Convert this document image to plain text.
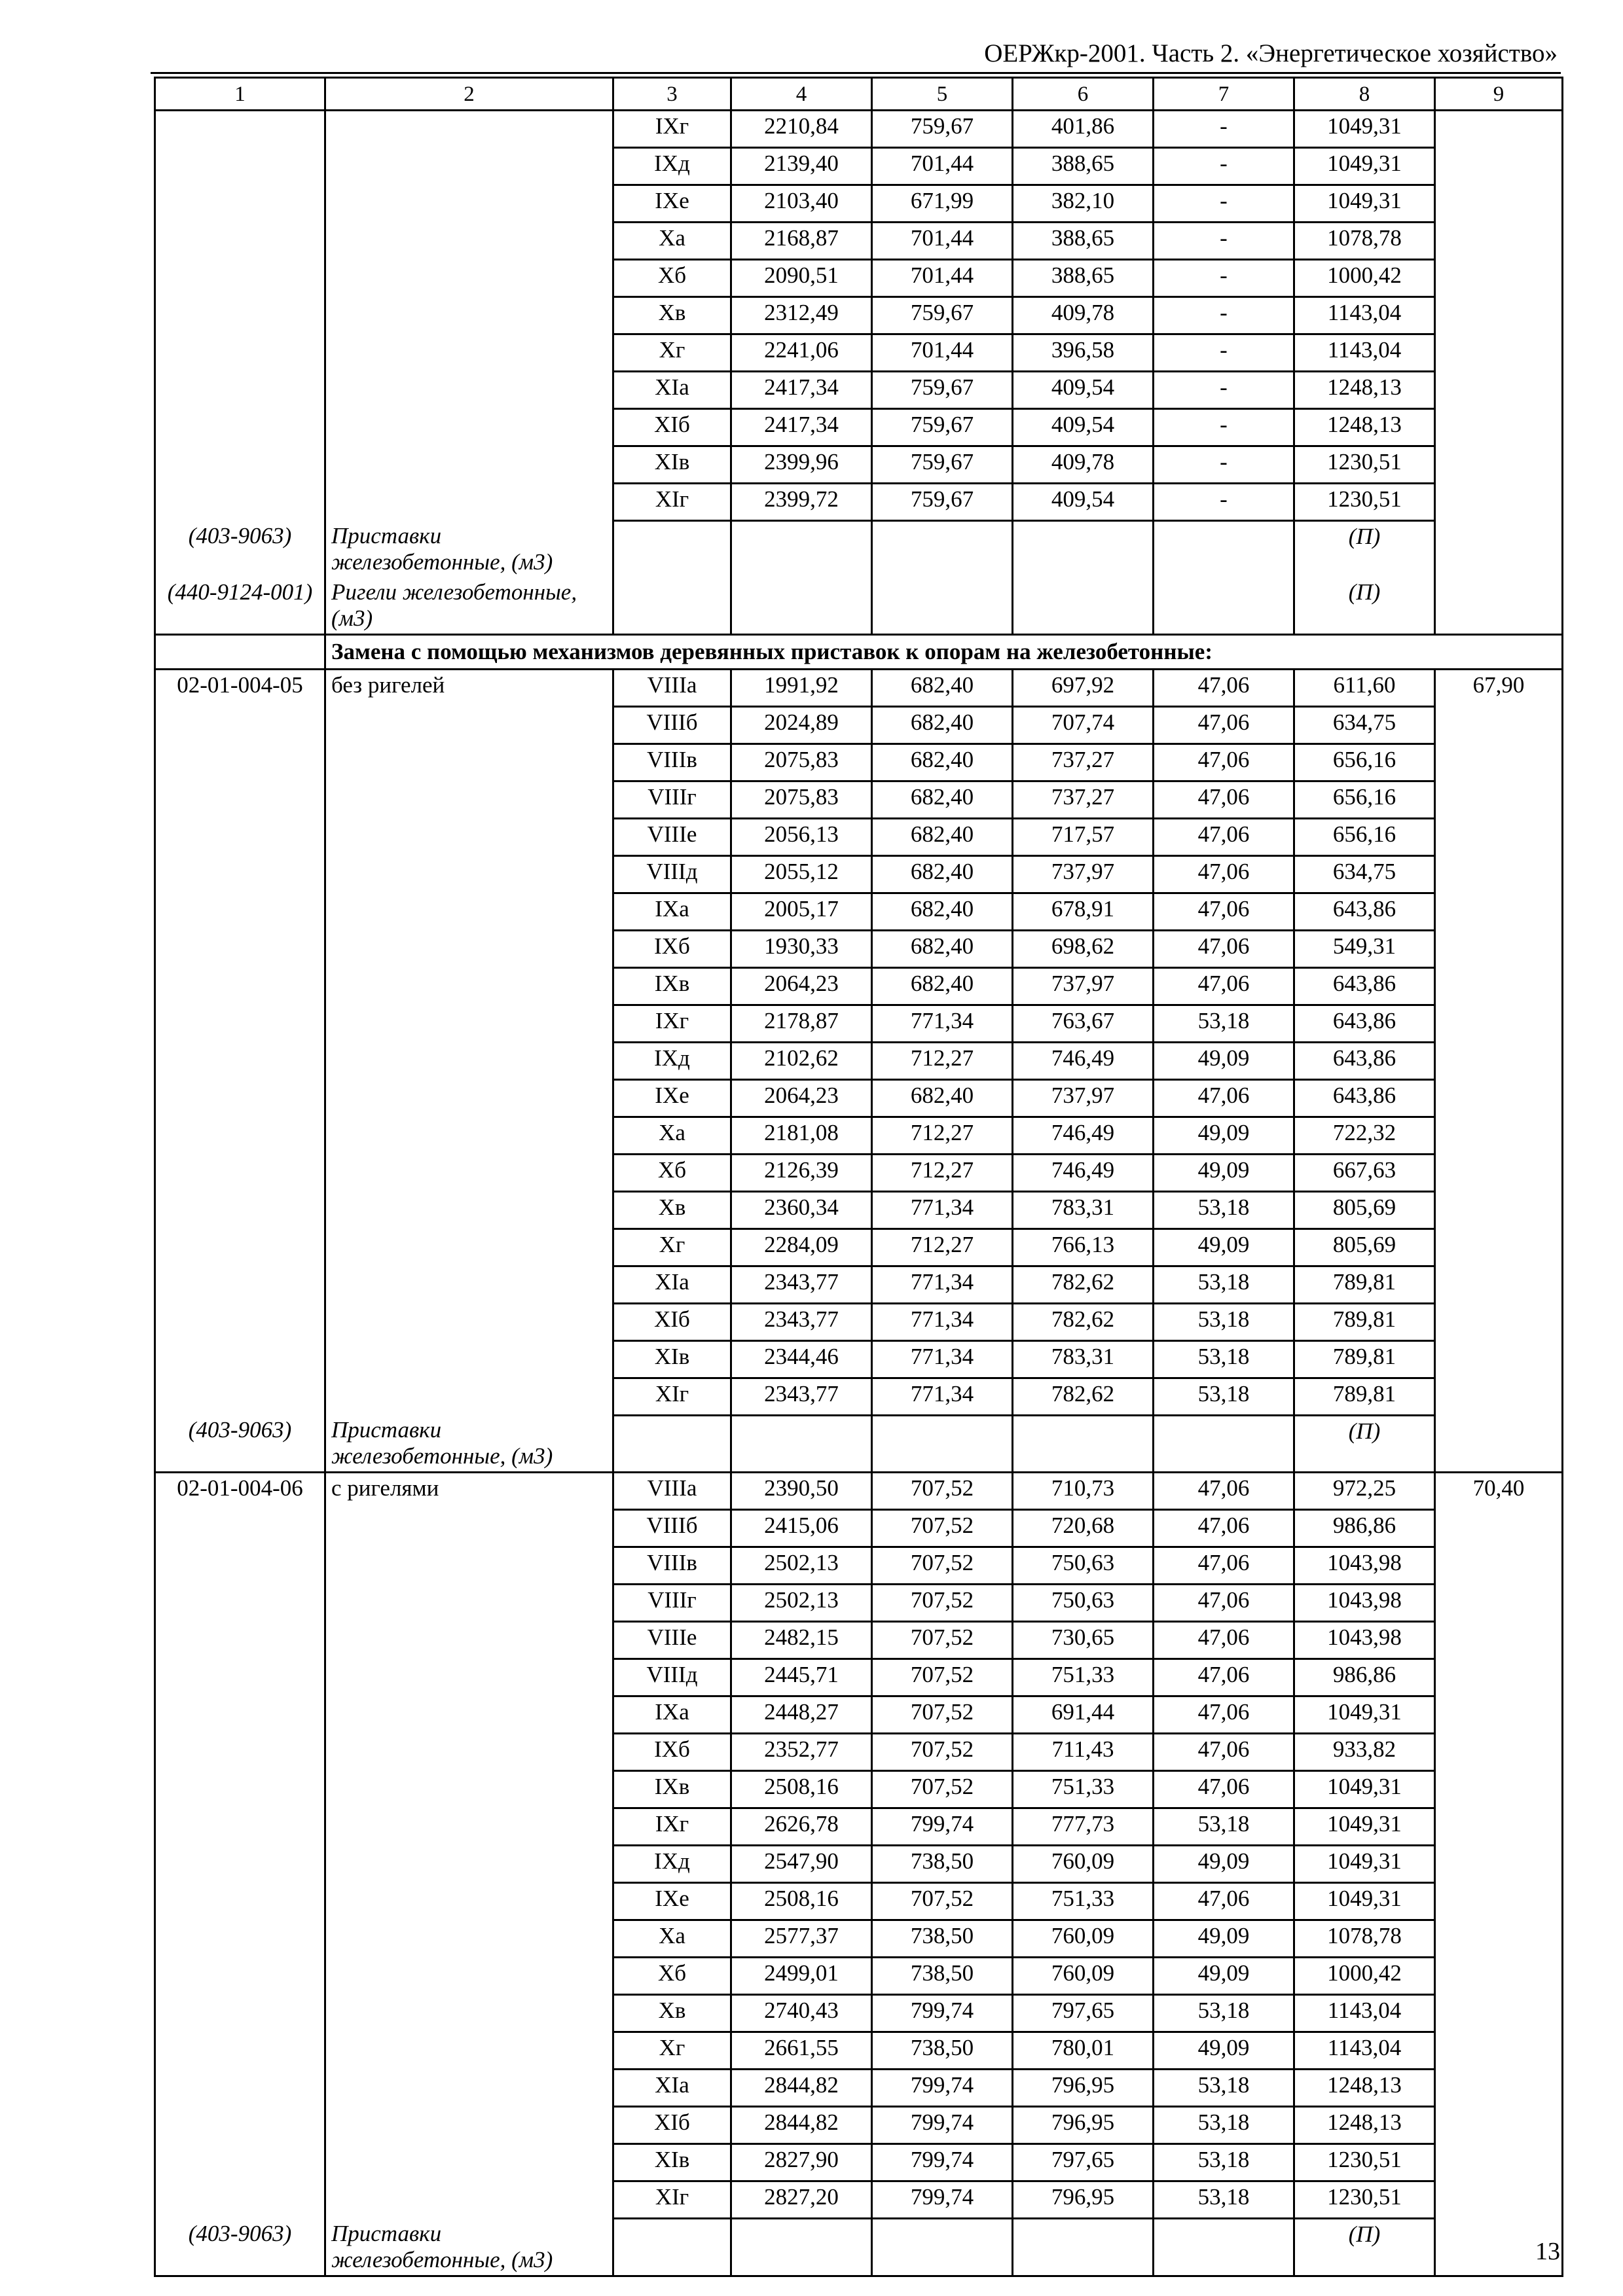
ОЕРЖкр-2001. Часть 2. «Энергетическое хозяйство»
1	2	3	4	5	6	7	8	9
		IXг	2210,84	759,67	401,86	-	1049,31	
		IXд	2139,40	701,44	388,65	-	1049,31	
		IXе	2103,40	671,99	382,10	-	1049,31	
		Xа	2168,87	701,44	388,65	-	1078,78	
		Xб	2090,51	701,44	388,65	-	1000,42	
		Xв	2312,49	759,67	409,78	-	1143,04	
		Xг	2241,06	701,44	396,58	-	1143,04	
		XIа	2417,34	759,67	409,54	-	1248,13	
		XIб	2417,34	759,67	409,54	-	1248,13	
		XIв	2399,96	759,67	409,78	-	1230,51	
		XIг	2399,72	759,67	409,54	-	1230,51	
(403-9063)	Приставки железобетонные, (м3)						(П)	
(440-9124-001)	Ригели железобетонные, (м3)						(П)	
	Замена с помощью механизмов деревянных приставок к опорам на железобетонные:							
02-01-004-05	без ригелей	VIIIа	1991,92	682,40	697,92	47,06	611,60	67,90
		VIIIб	2024,89	682,40	707,74	47,06	634,75	
		VIIIв	2075,83	682,40	737,27	47,06	656,16	
		VIIIг	2075,83	682,40	737,27	47,06	656,16	
		VIIIе	2056,13	682,40	717,57	47,06	656,16	
		VIIIд	2055,12	682,40	737,97	47,06	634,75	
		IXа	2005,17	682,40	678,91	47,06	643,86	
		IXб	1930,33	682,40	698,62	47,06	549,31	
		IXв	2064,23	682,40	737,97	47,06	643,86	
		IXг	2178,87	771,34	763,67	53,18	643,86	
		IXд	2102,62	712,27	746,49	49,09	643,86	
		IXе	2064,23	682,40	737,97	47,06	643,86	
		Xа	2181,08	712,27	746,49	49,09	722,32	
		Xб	2126,39	712,27	746,49	49,09	667,63	
		Xв	2360,34	771,34	783,31	53,18	805,69	
		Xг	2284,09	712,27	766,13	49,09	805,69	
		XIа	2343,77	771,34	782,62	53,18	789,81	
		XIб	2343,77	771,34	782,62	53,18	789,81	
		XIв	2344,46	771,34	783,31	53,18	789,81	
		XIг	2343,77	771,34	782,62	53,18	789,81	
(403-9063)	Приставки железобетонные, (м3)						(П)	
02-01-004-06	с ригелями	VIIIа	2390,50	707,52	710,73	47,06	972,25	70,40
		VIIIб	2415,06	707,52	720,68	47,06	986,86	
		VIIIв	2502,13	707,52	750,63	47,06	1043,98	
		VIIIг	2502,13	707,52	750,63	47,06	1043,98	
		VIIIе	2482,15	707,52	730,65	47,06	1043,98	
		VIIIд	2445,71	707,52	751,33	47,06	986,86	
		IXа	2448,27	707,52	691,44	47,06	1049,31	
		IXб	2352,77	707,52	711,43	47,06	933,82	
		IXв	2508,16	707,52	751,33	47,06	1049,31	
		IXг	2626,78	799,74	777,73	53,18	1049,31	
		IXд	2547,90	738,50	760,09	49,09	1049,31	
		IXе	2508,16	707,52	751,33	47,06	1049,31	
		Xа	2577,37	738,50	760,09	49,09	1078,78	
		Xб	2499,01	738,50	760,09	49,09	1000,42	
		Xв	2740,43	799,74	797,65	53,18	1143,04	
		Xг	2661,55	738,50	780,01	49,09	1143,04	
		XIа	2844,82	799,74	796,95	53,18	1248,13	
		XIб	2844,82	799,74	796,95	53,18	1248,13	
		XIв	2827,90	799,74	797,65	53,18	1230,51	
		XIг	2827,20	799,74	796,95	53,18	1230,51	
(403-9063)	Приставки железобетонные, (м3)						(П)	
13
